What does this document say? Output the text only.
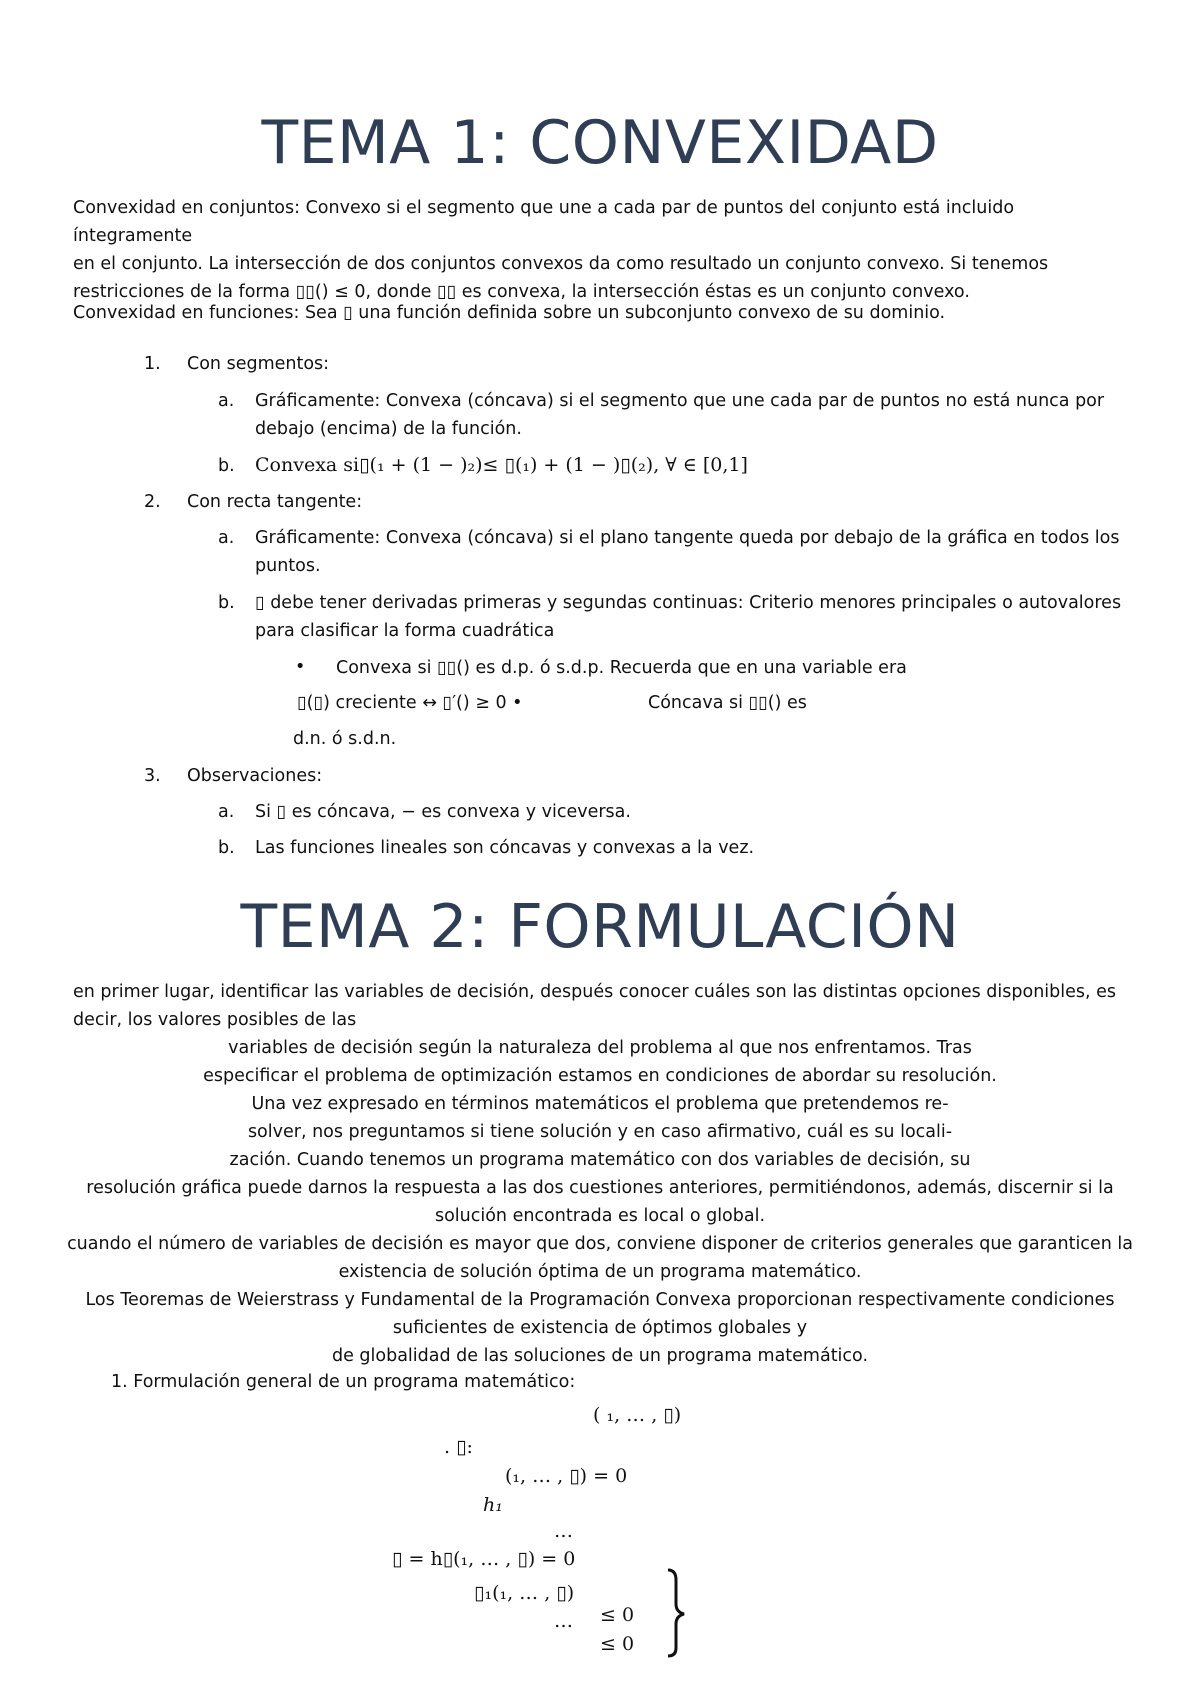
TEMA 1: CONVEXIDAD
Convexidad en conjuntos: Convexo si el segmento que une a cada par de puntos del conjunto está incluido íntegramente
en el conjunto. La intersección de dos conjuntos convexos da como resultado un conjunto convexo. Si tenemos
restricciones de la forma ▯▯() ≤ 0, donde ▯▯ es convexa, la intersección éstas es un conjunto convexo.
Convexidad en funciones: Sea ▯ una función definida sobre un subconjunto convexo de su dominio.
1. Con segmentos:
a. Gráficamente: Convexa (cóncava) si el segmento que une cada par de puntos no está nunca por
debajo (encima) de la función.
b. Convexa si▯(₁ + (1 − )₂)≤ ▯(₁) + (1 − )▯(₂), ∀ ∈ [0,1]
2. Con recta tangente:
a. Gráficamente: Convexa (cóncava) si el plano tangente queda por debajo de la gráfica en todos los
puntos.
b. ▯ debe tener derivadas primeras y segundas continuas: Criterio menores principales o autovalores
para clasificar la forma cuadrática
• Convexa si ▯▯() es d.p. ó s.d.p. Recuerda que en una variable era
▯(▯) creciente ↔ ▯′() ≥ 0 •	Cóncava si ▯▯() es
d.n. ó s.d.n.
3. Observaciones:
a. Si ▯ es cóncava, − es convexa y viceversa.
b. Las funciones lineales son cóncavas y convexas a la vez.
TEMA 2: FORMULACIÓN
en primer lugar, identificar las variables de decisión, después conocer cuáles son las distintas opciones disponibles, es
decir, los valores posibles de las
variables de decisión según la naturaleza del problema al que nos enfrentamos. Tras
especificar el problema de optimización estamos en condiciones de abordar su resolución.
Una vez expresado en términos matemáticos el problema que pretendemos re-
solver, nos preguntamos si tiene solución y en caso afirmativo, cuál es su locali-
zación. Cuando tenemos un programa matemático con dos variables de decisión, su
resolución gráfica puede darnos la respuesta a las dos cuestiones anteriores, permitiéndonos, además, discernir si la
solución encontrada es local o global.
cuando el número de variables de decisión es mayor que dos, conviene disponer de criterios generales que garanticen la
existencia de solución óptima de un programa matemático.
Los Teoremas de Weierstrass y Fundamental de la Programación Convexa proporcionan respectivamente condiciones
suficientes de existencia de óptimos globales y
de globalidad de las soluciones de un programa matemático.
1. Formulación general de un programa matemático:
( ₁, … , ▯)
. ▯:
(₁, … , ▯) = 0
h₁
…
▯ = h▯(₁, … , ▯) = 0
▯₁(₁, … , ▯)
≤ 0
…
≤ 0
